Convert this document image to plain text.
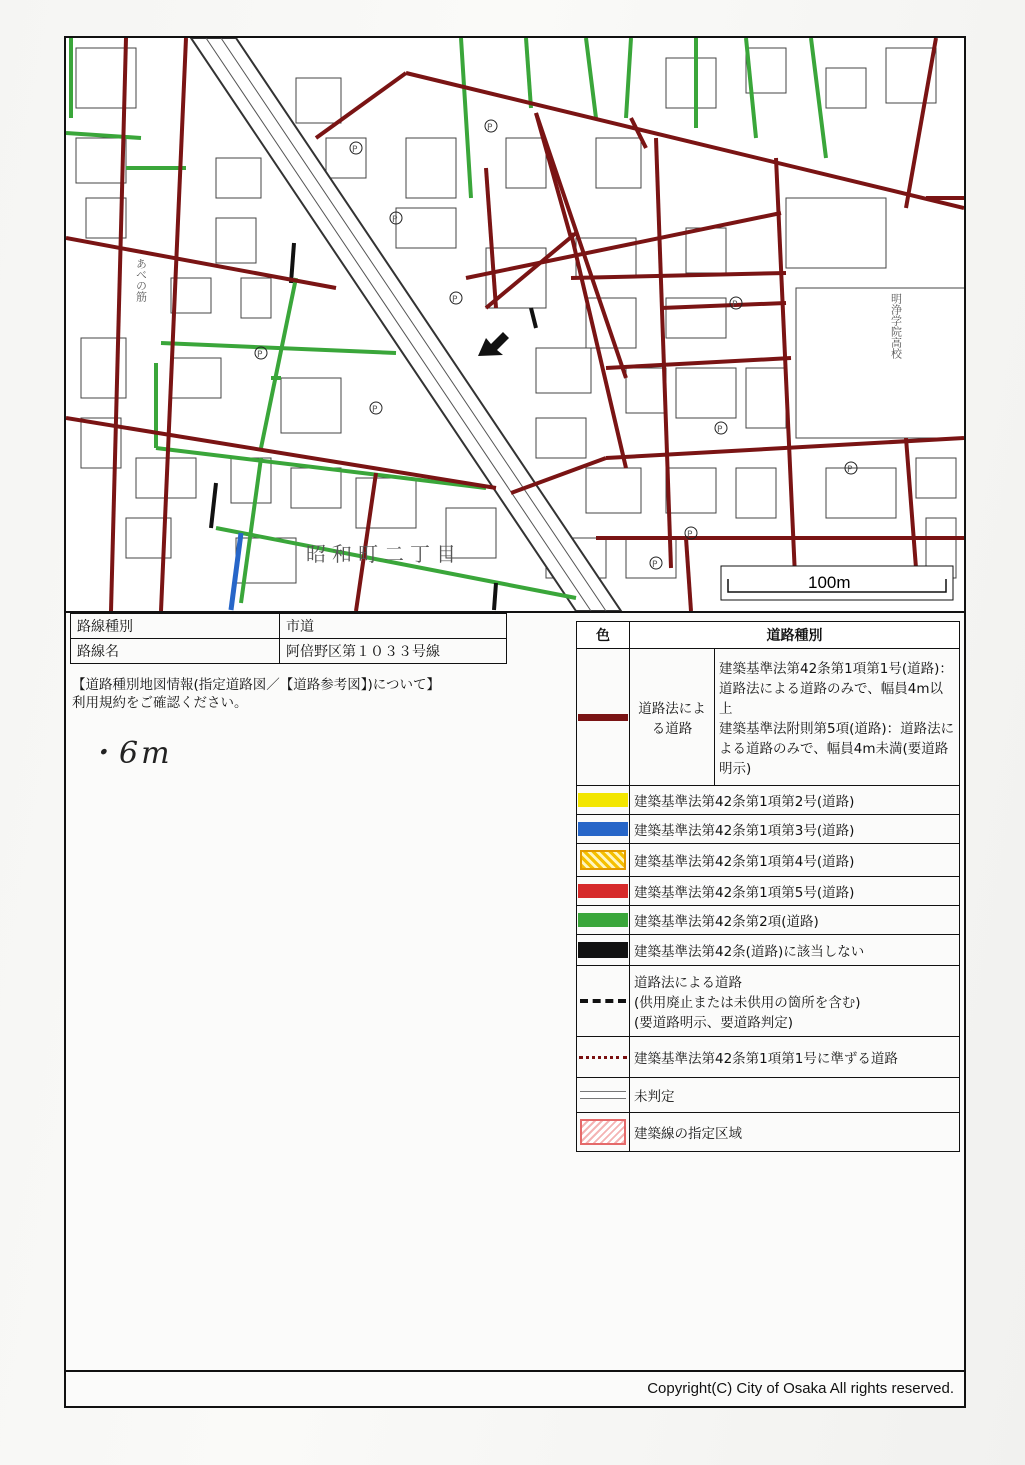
P
P
P
P
P
P
P
P
P
P
P
昭和町二丁目
明浄学院高校
あべの筋
100m
路線種別	市道
路線名	阿倍野区第１０３３号線
【道路種別地図情報(指定道路図／【道路参考図】)について】
利用規約をご確認ください。
・6m
色	道路種別	
	道路法による道路	建築基準法第42条第1項第1号(道路)：道路法による道路のみで、幅員4m以上
建築基準法附則第5項(道路)：道路法による道路のみで、幅員4m未満(要道路明示)

	建築基準法第42条第1項第2号(道路)	
	建築基準法第42条第1項第3号(道路)	
	建築基準法第42条第1項第4号(道路)	
	建築基準法第42条第1項第5号(道路)	
	建築基準法第42条第2項(道路)	
	建築基準法第42条(道路)に該当しない	
	道路法による道路
(供用廃止または未供用の箇所を含む)
(要道路明示、要道路判定)	
	建築基準法第42条第1項第1号に準ずる道路	
	未判定	
	建築線の指定区域	
Copyright(C) City of Osaka All rights reserved.
